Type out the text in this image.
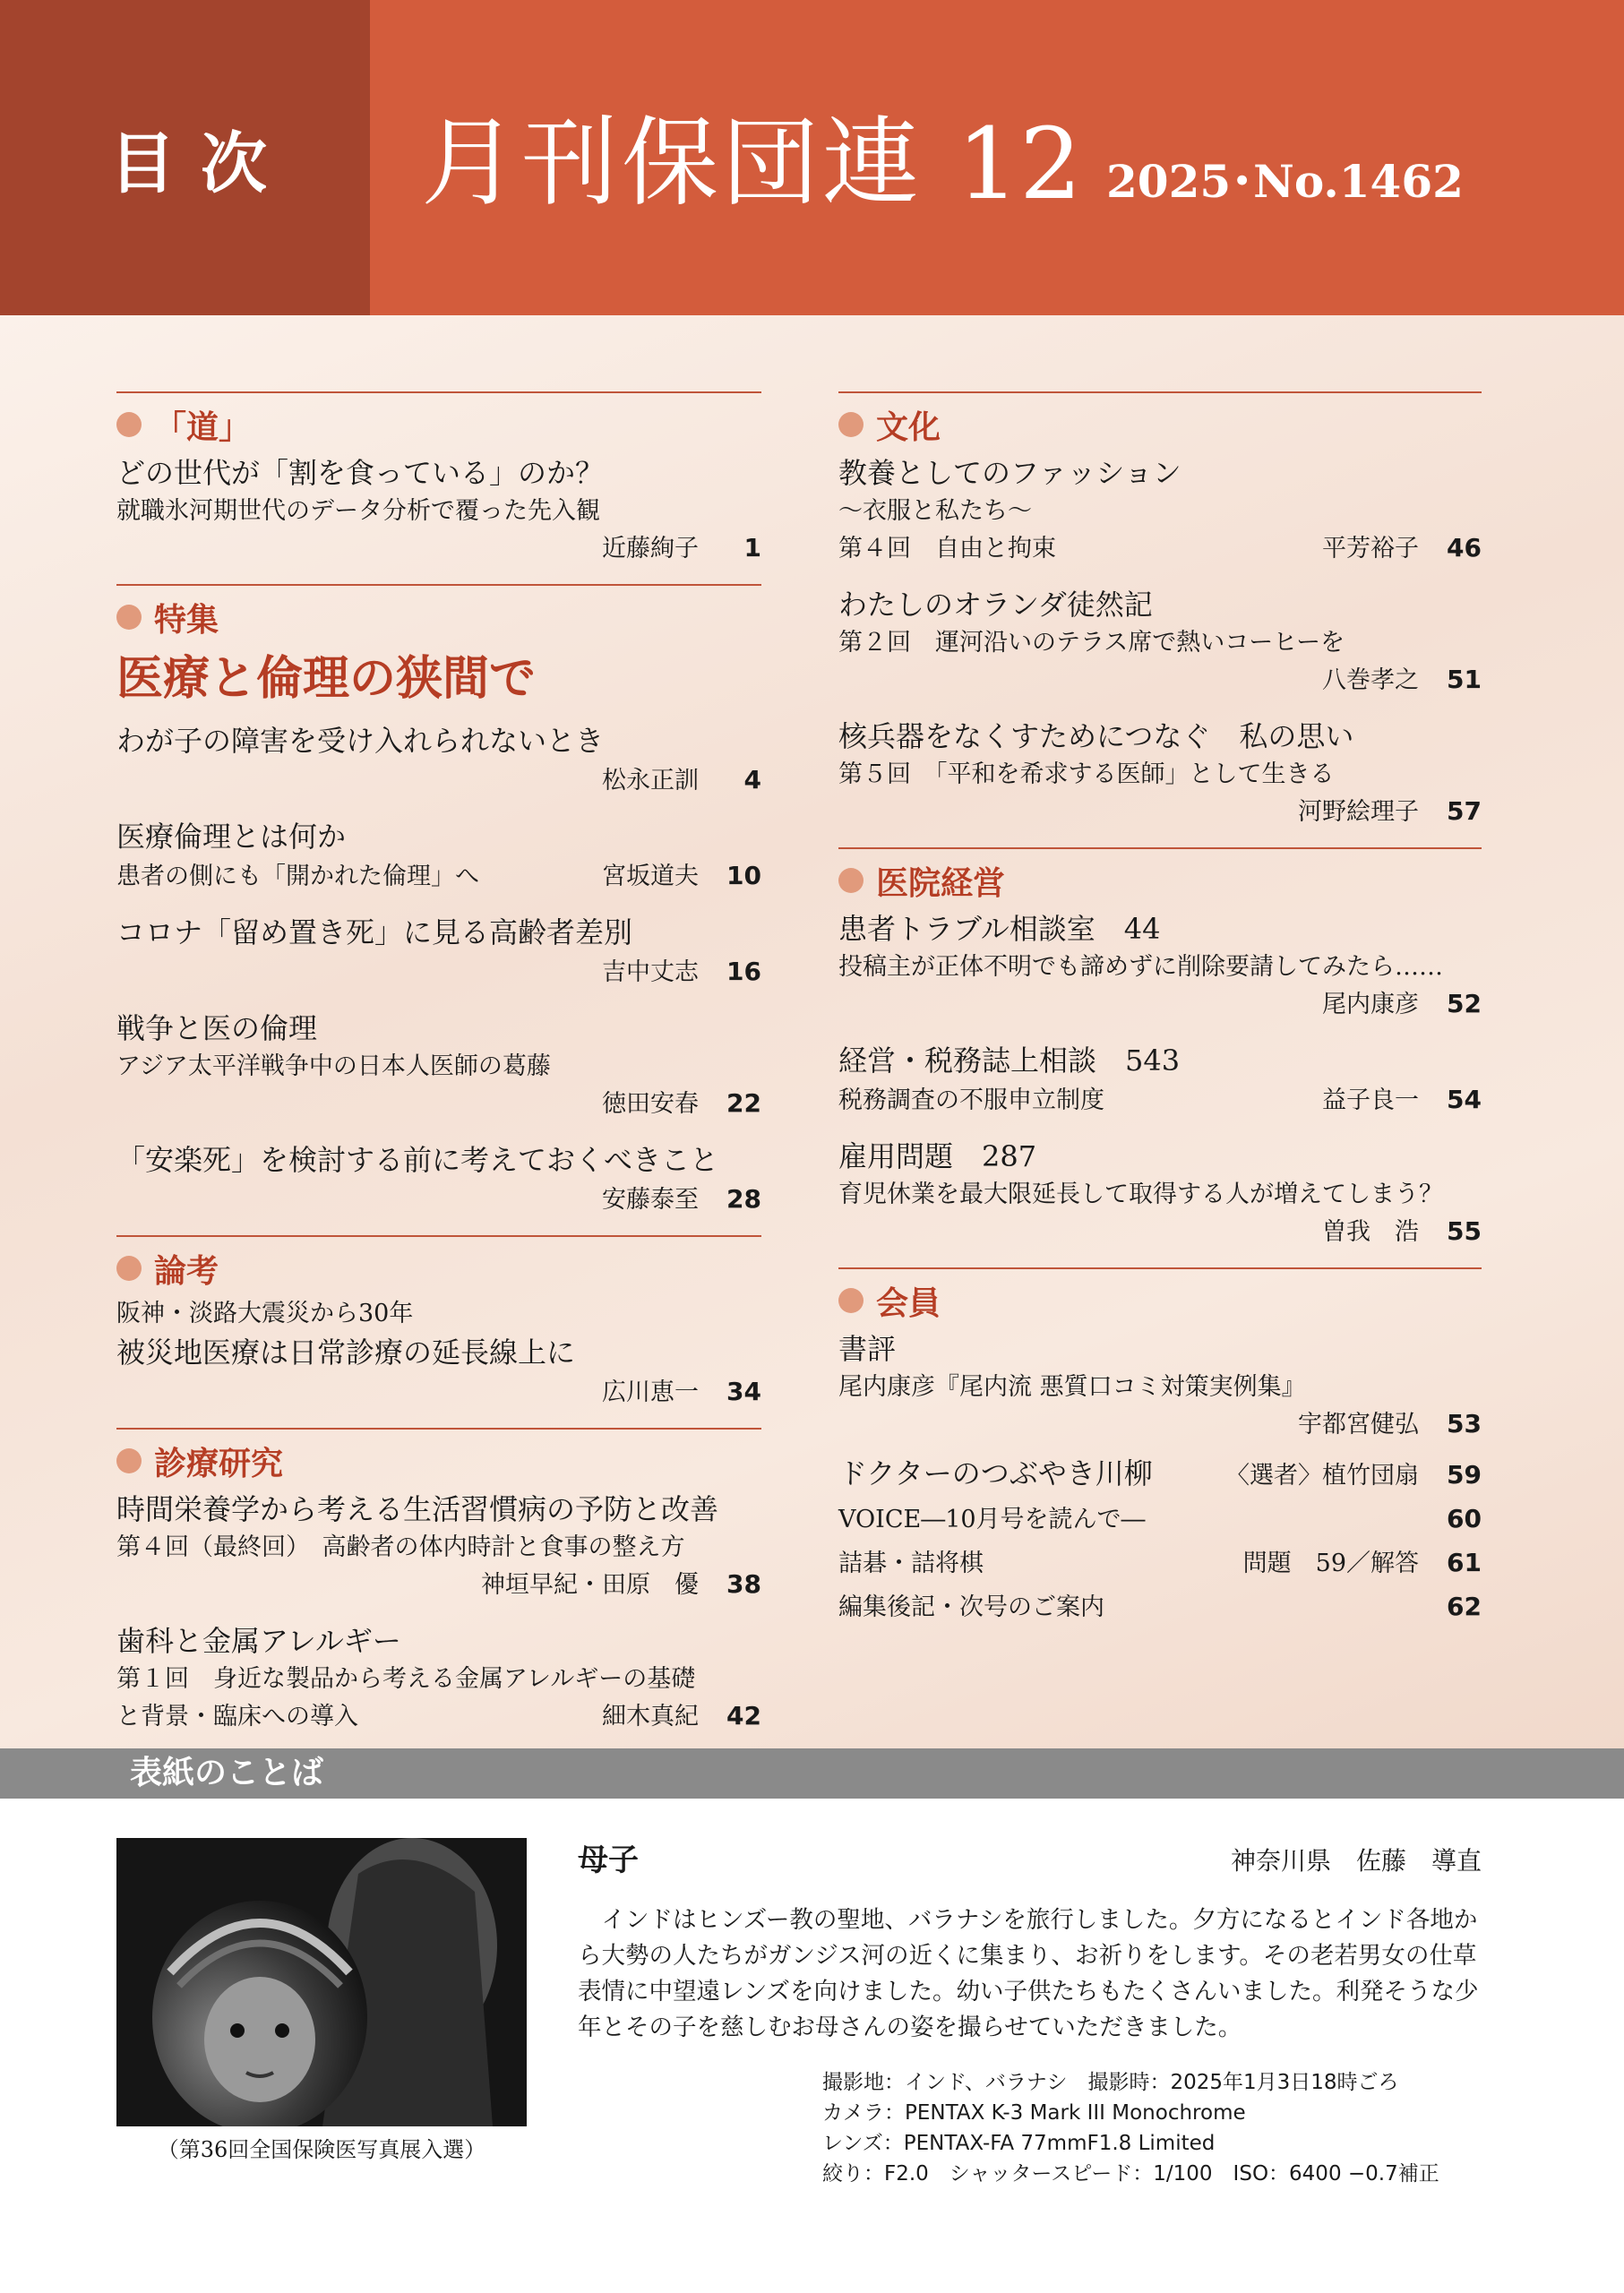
目次 月刊保団連 12 2025･No.1462
「道」
どの世代が「割を食っている」のか？
就職氷河期世代のデータ分析で覆った先入観
近藤絢子	1
特集
医療と倫理の狭間で
わが子の障害を受け入れられないとき
松永正訓	4
医療倫理とは何か
患者の側にも「開かれた倫理」へ	宮坂道夫	10
コロナ「留め置き死」に見る高齢者差別
吉中丈志	16
戦争と医の倫理
アジア太平洋戦争中の日本人医師の葛藤
徳田安春	22
「安楽死」を検討する前に考えておくべきこと
安藤泰至	28
論考
阪神・淡路大震災から30年
被災地医療は日常診療の延長線上に
広川恵一	34
診療研究
時間栄養学から考える生活習慣病の予防と改善
第４回（最終回）　高齢者の体内時計と食事の整え方
神垣早紀・田原　優	38
歯科と金属アレルギー
第１回　身近な製品から考える金属アレルギーの基礎
と背景・臨床への導入	細木真紀	42
文化
教養としてのファッション
～衣服と私たち～
第４回　自由と拘束	平芳裕子	46
わたしのオランダ徒然記
第２回　運河沿いのテラス席で熱いコーヒーを
八巻孝之	51
核兵器をなくすためにつなぐ　私の思い
第５回　「平和を希求する医師」として生きる
河野絵理子	57
医院経営
患者トラブル相談室　44
投稿主が正体不明でも諦めずに削除要請してみたら……
尾内康彦	52
経営・税務誌上相談　543
税務調査の不服申立制度	益子良一	54
雇用問題　287
育児休業を最大限延長して取得する人が増えてしまう？
曽我　浩	55
会員
書評
尾内康彦『尾内流 悪質口コミ対策実例集』
宇都宮健弘	53
ドクターのつぶやき川柳	〈選者〉植竹団扇	59
VOICE―10月号を読んで―	60
詰碁・詰将棋	問題　59／解答	61
編集後記・次号のご案内	62
表紙のことば
（第36回全国保険医写真展入選）
母子	神奈川県　佐藤　導直
インドはヒンズー教の聖地、バラナシを旅行しました。夕方になるとインド各地から大勢の人たちがガンジス河の近くに集まり、お祈りをします。その老若男女の仕草表情に中望遠レンズを向けました。幼い子供たちもたくさんいました。利発そうな少年とその子を慈しむお母さんの姿を撮らせていただきました。
撮影地：インド、バラナシ　撮影時：2025年1月3日18時ごろ
カメラ：PENTAX K-3 Mark III Monochrome
レンズ：PENTAX-FA 77mmF1.8 Limited
絞り：F2.0　シャッタースピード：1/100　ISO：6400 −0.7補正
